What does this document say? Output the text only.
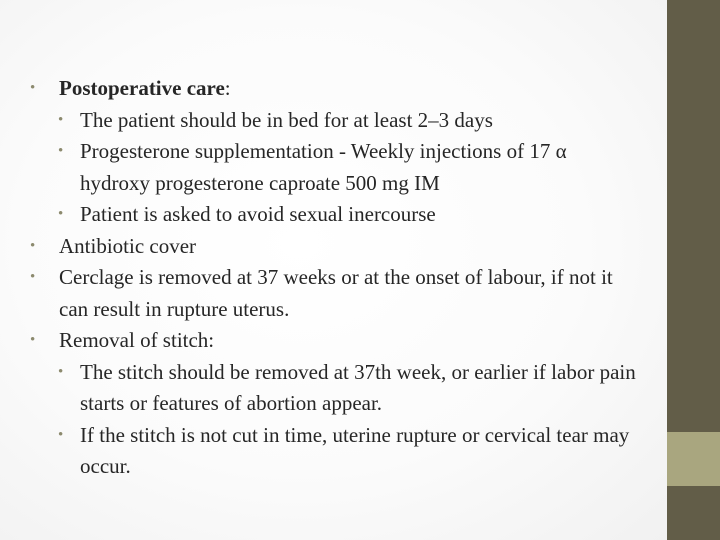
• Postoperative care:

• The patient should be in bed for at least 2–3 days

• Progesterone supplementation - Weekly injections of 17 α hydroxy progesterone caproate 500 mg IM

• Patient is asked to avoid sexual inercourse

• Antibiotic cover

• Cerclage is removed at 37 weeks or at the onset of labour, if not it can result in rupture uterus.

• Removal of stitch:

• The stitch should be removed at 37th week, or earlier if labor pain starts or features of abortion appear.

• If the stitch is not cut in time, uterine rupture or cervical tear may occur.
